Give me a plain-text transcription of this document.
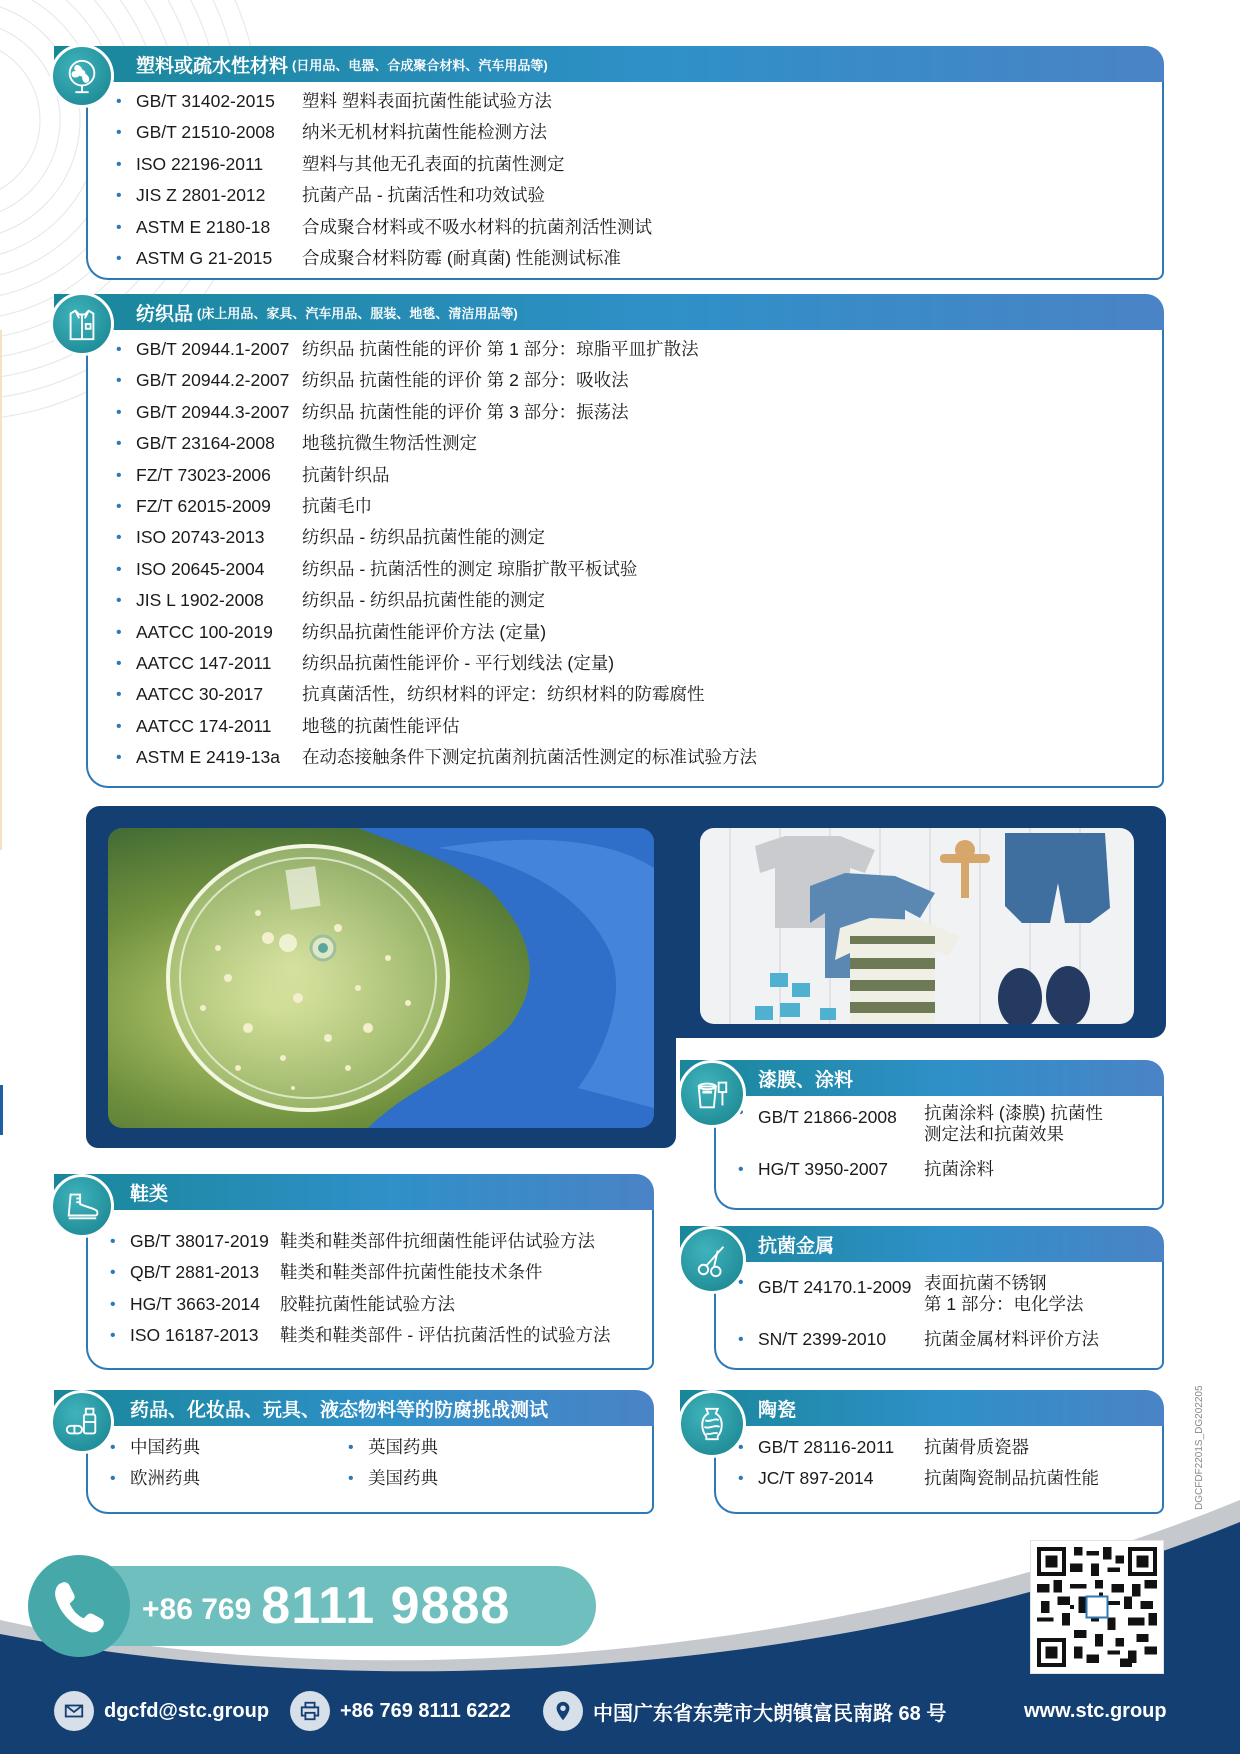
塑料或疏水性材料 (日用品、电器、合成聚合材料、汽车用品等)
• GB/T 31402-2015 塑料 塑料表面抗菌性能试验方法
• GB/T 21510-2008 纳米无机材料抗菌性能检测方法
• ISO 22196-2011 塑料与其他无孔表面的抗菌性测定
• JIS Z 2801-2012 抗菌产品 - 抗菌活性和功效试验
• ASTM E 2180-18 合成聚合材料或不吸水材料的抗菌剂活性测试
• ASTM G 21-2015 合成聚合材料防霉 (耐真菌) 性能测试标准
纺织品 (床上用品、家具、汽车用品、服装、地毯、清洁用品等)
• GB/T 20944.1-2007 纺织品 抗菌性能的评价 第 1 部分：琼脂平皿扩散法
• GB/T 20944.2-2007 纺织品 抗菌性能的评价 第 2 部分：吸收法
• GB/T 20944.3-2007 纺织品 抗菌性能的评价 第 3 部分：振荡法
• GB/T 23164-2008 地毯抗微生物活性测定
• FZ/T 73023-2006 抗菌针织品
• FZ/T 62015-2009 抗菌毛巾
• ISO 20743-2013 纺织品 - 纺织品抗菌性能的测定
• ISO 20645-2004 纺织品 - 抗菌活性的测定 琼脂扩散平板试验
• JIS L 1902-2008 纺织品 - 纺织品抗菌性能的测定
• AATCC 100-2019 纺织品抗菌性能评价方法 (定量)
• AATCC 147-2011 纺织品抗菌性能评价 - 平行划线法 (定量)
• AATCC 30-2017 抗真菌活性，纺织材料的评定：纺织材料的防霉腐性
• AATCC 174-2011 地毯的抗菌性能评估
• ASTM E 2419-13a 在动态接触条件下测定抗菌剂抗菌活性测定的标准试验方法
漆膜、涂料
• GB/T 21866-2008 抗菌涂料 (漆膜) 抗菌性
测定法和抗菌效果
• HG/T 3950-2007 抗菌涂料
鞋类
• GB/T 38017-2019 鞋类和鞋类部件抗细菌性能评估试验方法
• QB/T 2881-2013 鞋类和鞋类部件抗菌性能技术条件
• HG/T 3663-2014 胶鞋抗菌性能试验方法
• ISO 16187-2013 鞋类和鞋类部件 - 评估抗菌活性的试验方法
抗菌金属
• GB/T 24170.1-2009 表面抗菌不锈钢
第 1 部分：电化学法
• SN/T 2399-2010 抗菌金属材料评价方法
药品、化妆品、玩具、液态物料等的防腐挑战测试
• 中国药典	• 英国药典
• 欧洲药典	• 美国药典
陶瓷
• GB/T 28116-2011 抗菌骨质瓷器
• JC/T 897-2014	抗菌陶瓷制品抗菌性能	DGCFDF2201S_DG202205
+86 769 8111 9888
dgcfd@stc.group	+86 769 8111 6222	中国广东省东莞市大朗镇富民南路 68 号	www.stc.group
